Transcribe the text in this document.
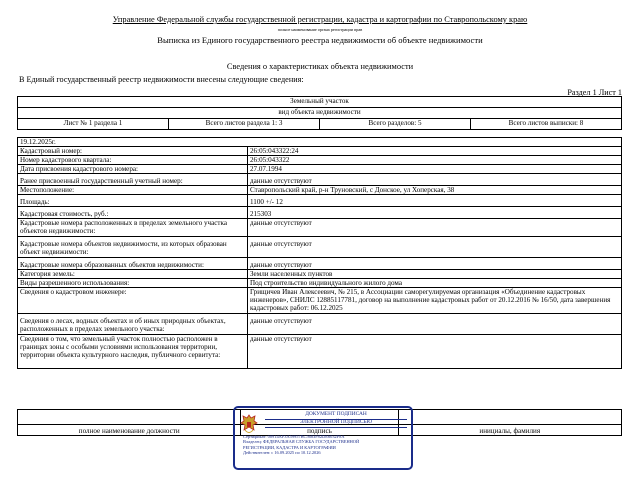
Управление Федеральной службы государственной регистрации, кадастра и картографии по Ставропольскому краю
полное наименование органа регистрации прав
Выписка из Единого государственного реестра недвижимости об объекте недвижимости
Сведения о характеристиках объекта недвижимости
В Единый государственный реестр недвижимости внесены следующие сведения:
Раздел 1 Лист 1
Земельный участок
вид объекта недвижимости
Лист № 1 раздела 1	Всего листов раздела 1: 3	Всего разделов: 5	Всего листов выписки: 8
19.12.2025г.	
Кадастровый номер:	26:05:043322:24
Номер кадастрового квартала:	26:05:043322
Дата присвоения кадастрового номера:	27.07.1994
Ранее присвоенный государственный учетный номер:	данные отсутствуют
Местоположение:	Ставропольский край, р-н Труновский, с Донское, ул Хоперская, 38
Площадь:	1100 +/- 12
Кадастровая стоимость, руб.:	215303
Кадастровые номера расположенных в пределах земельного участка объектов недвижимости:	данные отсутствуют
Кадастровые номера объектов недвижимости, из которых образован объект недвижимости:	данные отсутствуют
Кадастровые номера образованных объектов недвижимости:	данные отсутствуют
Категория земель:	Земли населенных пунктов
Виды разрешенного использования:	Под строительство индивидуального жилого дома
Сведения о кадастровом инженере:	Грищичев Иван Алексеевич, № 215, в Ассоциации саморегулируемая организация «Объединение кадастровых инженеров», СНИЛС 12885117781, договор на выполнение кадастровых работ от 20.12.2016 № 16/50, дата завершения кадастровых работ: 06.12.2025
Сведения о лесах, водных объектах и об иных природных объектах, расположенных в пределах земельного участка:	данные отсутствуют
Сведения о том, что земельный участок полностью расположен в границах зоны с особыми условиями использования территории, территории объекта культурного наследия, публичного сервитута:	данные отсутствуют

полное наименование должности	подпись	инициалы, фамилия
ДОКУМЕНТ ПОДПИСАН
ЭЛЕКТРОННОЙ ПОДПИСЬЮ
Сертификат: 00914AF3A59957BC5683F82DE6032F8A
Владелец: ФЕДЕРАЛЬНАЯ СЛУЖБА ГОСУДАРСТВЕННОЙ
РЕГИСТРАЦИИ, КАДАСТРА И КАРТОГРАФИИ
Действителен: с 16.09.2025 по 10.12.2026
